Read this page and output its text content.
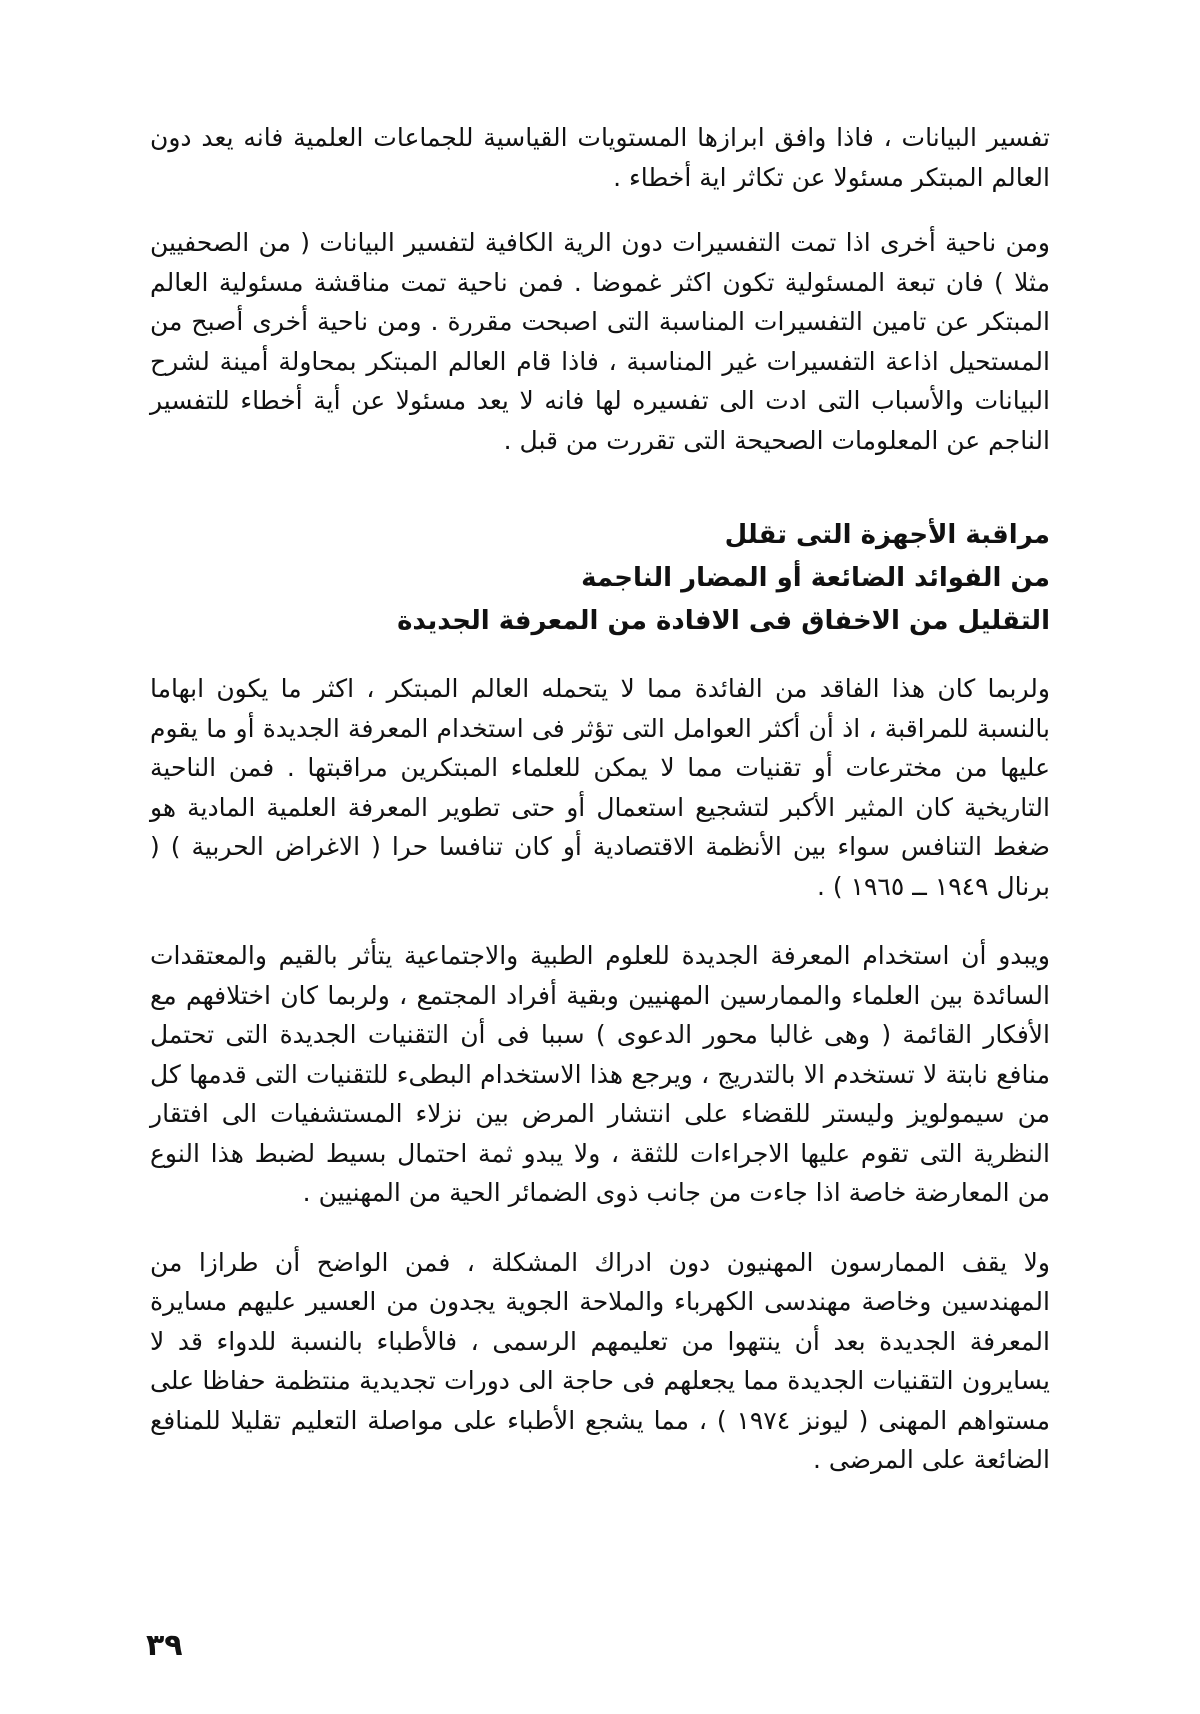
تفسير البيانات ، فاذا وافق ابرازها المستويات القياسية للجماعات العلمية فانه يعد دون العالم المبتكر مسئولا عن تكاثر اية أخطاء .

ومن ناحية أخرى اذا تمت التفسيرات دون الرية الكافية لتفسير البيانات ( من الصحفيين مثلا ) فان تبعة المسئولية تكون اكثر غموضا . فمن ناحية تمت مناقشة مسئولية العالم المبتكر عن تامين التفسيرات المناسبة التى اصبحت مقررة . ومن ناحية أخرى أصبح من المستحيل اذاعة التفسيرات غير المناسبة ، فاذا قام العالم المبتكر بمحاولة أمينة لشرح البيانات والأسباب التى ادت الى تفسيره لها فانه لا يعد مسئولا عن أية أخطاء للتفسير الناجم عن المعلومات الصحيحة التى تقررت من قبل .

مراقبة الأجهزة التى تقلل
من الفوائد الضائعة أو المضار الناجمة
التقليل من الاخفاق فى الافادة من المعرفة الجديدة

ولربما كان هذا الفاقد من الفائدة مما لا يتحمله العالم المبتكر ، اكثر ما يكون ابهاما بالنسبة للمراقبة ، اذ أن أكثر العوامل التى تؤثر فى استخدام المعرفة الجديدة أو ما يقوم عليها من مخترعات أو تقنيات مما لا يمكن للعلماء المبتكرين مراقبتها . فمن الناحية التاريخية كان المثير الأكبر لتشجيع استعمال أو حتى تطوير المعرفة العلمية المادية هو ضغط التنافس سواء بين الأنظمة الاقتصادية أو كان تنافسا حرا ( الاغراض الحربية ) ( برنال ١٩٤٩ ــ ١٩٦٥ ) .

ويبدو أن استخدام المعرفة الجديدة للعلوم الطبية والاجتماعية يتأثر بالقيم والمعتقدات السائدة بين العلماء والممارسين المهنيين وبقية أفراد المجتمع ، ولربما كان اختلافهم مع الأفكار القائمة ( وهى غالبا محور الدعوى ) سببا فى أن التقنيات الجديدة التى تحتمل منافع نابتة لا تستخدم الا بالتدريج ، ويرجع هذا الاستخدام البطىء للتقنيات التى قدمها كل من سيمولويز وليستر للقضاء على انتشار المرض بين نزلاء المستشفيات الى افتقار النظرية التى تقوم عليها الاجراءات للثقة ، ولا يبدو ثمة احتمال بسيط لضبط هذا النوع من المعارضة خاصة اذا جاءت من جانب ذوى الضمائر الحية من المهنيين .

ولا يقف الممارسون المهنيون دون ادراك المشكلة ، فمن الواضح أن طرازا من المهندسين وخاصة مهندسى الكهرباء والملاحة الجوية يجدون من العسير عليهم مسايرة المعرفة الجديدة بعد أن ينتهوا من تعليمهم الرسمى ، فالأطباء بالنسبة للدواء قد لا يسايرون التقنيات الجديدة مما يجعلهم فى حاجة الى دورات تجديدية منتظمة حفاظا على مستواهم المهنى ( ليونز ١٩٧٤ ) ، مما يشجع الأطباء على مواصلة التعليم تقليلا للمنافع الضائعة على المرضى .

٣٩
